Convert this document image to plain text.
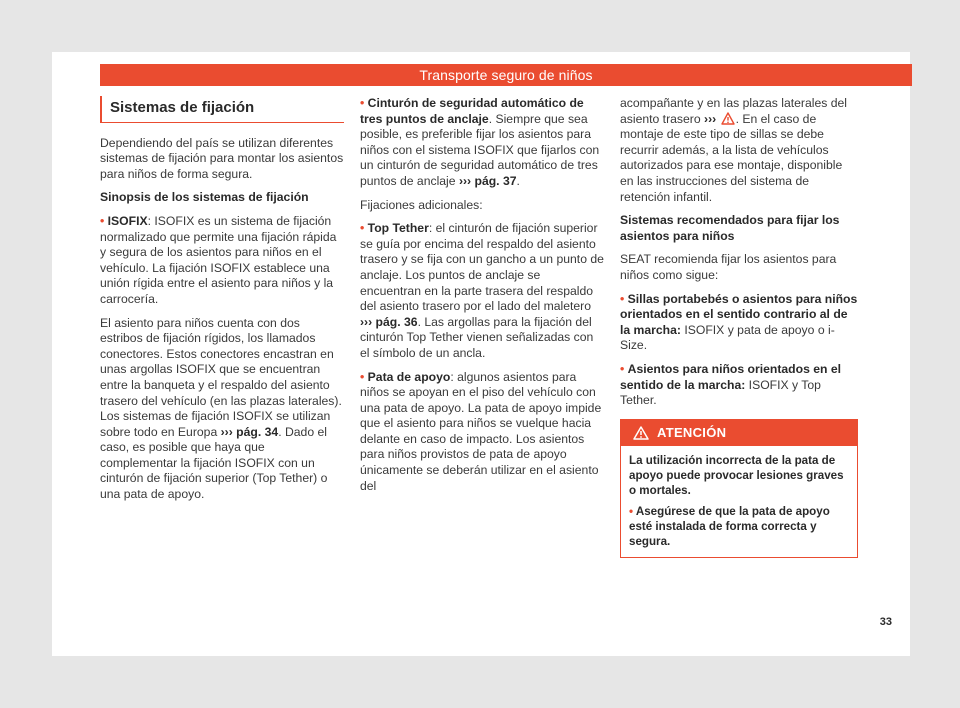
Transporte seguro de niños
Sistemas de fijación

Dependiendo del país se utilizan diferentes sistemas de fijación para montar los asientos para niños de forma segura.

Sinopsis de los sistemas de fijación

• ISOFIX: ISOFIX es un sistema de fijación normalizado que permite una fijación rápida y segura de los asientos para niños en el vehículo. La fijación ISOFIX establece una unión rígida entre el asiento para niños y la carrocería.

El asiento para niños cuenta con dos estribos de fijación rígidos, los llamados conectores. Estos conectores encastran en unas argollas ISOFIX que se encuentran entre la banqueta y el respaldo del asiento trasero del vehículo (en las plazas laterales). Los sistemas de fijación ISOFIX se utilizan sobre todo en Europa ››› pág. 34. Dado el caso, es posible que haya que complementar la fijación ISOFIX con un cinturón de fijación superior (Top Tether) o una pata de apoyo.

• Cinturón de seguridad automático de tres puntos de anclaje. Siempre que sea posible, es preferible fijar los asientos para niños con el sistema ISOFIX que fijarlos con un cinturón de seguridad automático de tres puntos de anclaje ››› pág. 37.

Fijaciones adicionales:

• Top Tether: el cinturón de fijación superior se guía por encima del respaldo del asiento trasero y se fija con un gancho a un punto de anclaje. Los puntos de anclaje se encuentran en la parte trasera del respaldo del asiento trasero por el lado del maletero ››› pág. 36. Las argollas para la fijación del cinturón Top Tether vienen señalizadas con el símbolo de un ancla.

• Pata de apoyo: algunos asientos para niños se apoyan en el piso del vehículo con una pata de apoyo. La pata de apoyo impide que el asiento para niños se vuelque hacia delante en caso de impacto. Los asientos para niños provistos de pata de apoyo únicamente se deberán utilizar en el asiento del

acompañante y en las plazas laterales del asiento trasero ››› . En el caso de montaje de este tipo de sillas se debe recurrir además, a la lista de vehículos autorizados para ese montaje, disponible en las instrucciones del sistema de retención infantil.

Sistemas recomendados para fijar los asientos para niños

SEAT recomienda fijar los asientos para niños como sigue:

• Sillas portabebés o asientos para niños orientados en el sentido contrario al de la marcha: ISOFIX y pata de apoyo o i-Size.

• Asientos para niños orientados en el sentido de la marcha: ISOFIX y Top Tether.

ATENCIÓN

La utilización incorrecta de la pata de apoyo puede provocar lesiones graves o mortales.

• Asegúrese de que la pata de apoyo esté instalada de forma correcta y segura.

33
